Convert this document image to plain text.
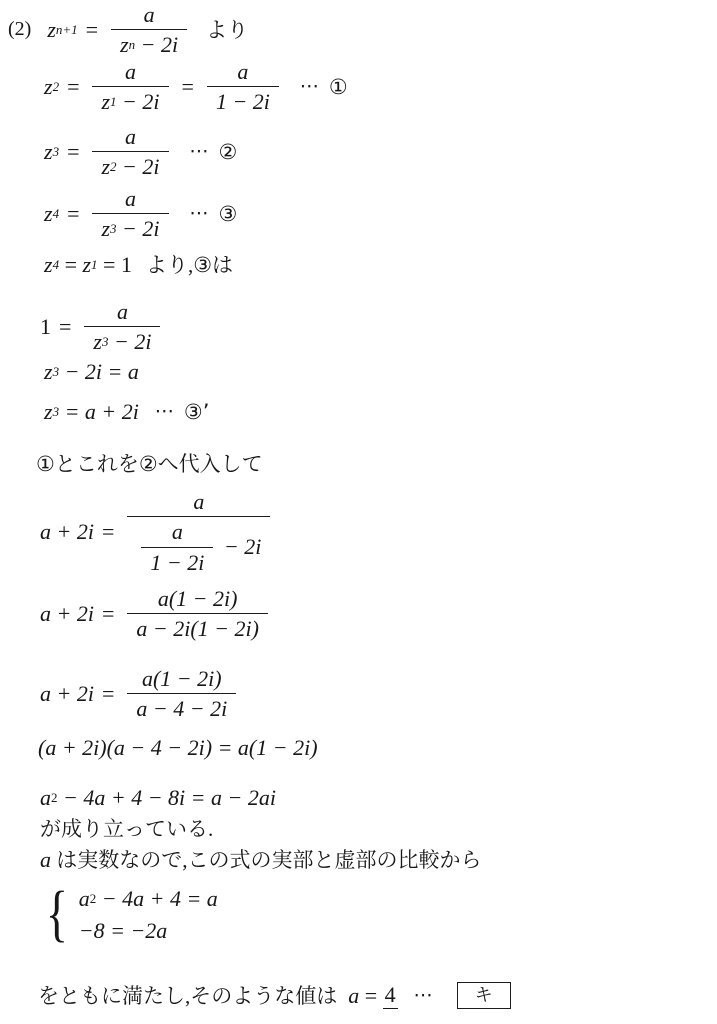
(2) z $n+1 = \frac{a}{\text{z n − 2i}}$ より
z $2 = \frac{a}{z 1 - 2i} = \frac{a}{1 - 2i}$ ⋯ ①
z $3 = \frac{a}{z 2 - 2i}$ ⋯ ②
z $4 = \frac{a}{z 3 - 2i}$ ⋯ ③
z 4 = z 1 = 1 より,③は
$1 = \frac{a}{z 3 - 2i}$
z 3 − 2i = a
z 3 = a + 2i ⋯ ③’
①とこれを②へ代入して
$a + 2i = \frac{a}{\frac{a}{1 - 2i} - 2i}$
$a + 2i = \frac{a(1 - 2i)}{a - 2i(1 - 2i)}$
$a + 2i = \frac{a(1 - 2i)}{a - 4 - 2i}$
(a + 2i)(a − 4 − 2i) = a(1 − 2i)
a 2 − 4a + 4 − 8i = a − 2ai
が成り立っている.
a は実数なので,この式の実部と虚部の比較から
{ a 2 − 4a + 4 = a
−8 = −2a
をともに満たし,そのような値は a = 4 ⋯	キ
